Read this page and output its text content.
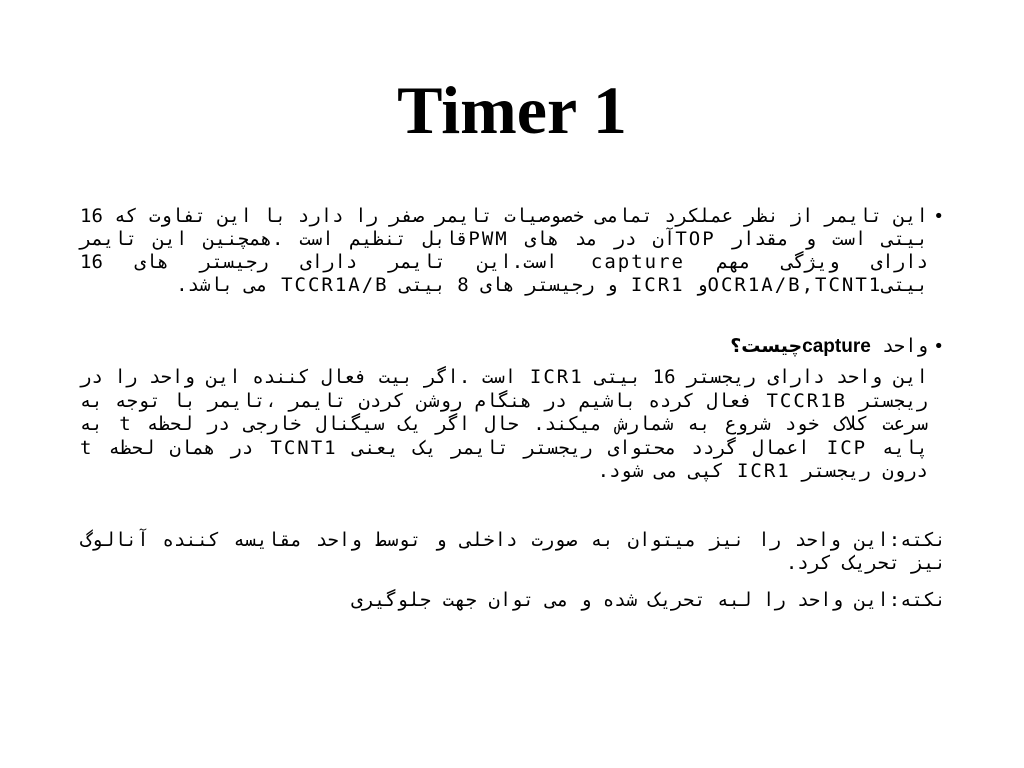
Timer 1
•
این تایمر از نظر عملکرد تمامی خصوصیات تایمر صفر را دارد با این تفاوت که 16 بیتی است و مقدار TOPآن در مد های PWMقابل تنظیم است .همچنین این تایمر دارای ویژگی مهم capture است.این تایمر دارای رجیستر های 16 بیتیOCR1A/B,TCNT1و ICR1 و رجیستر های 8 بیتی TCCR1A/B می باشد.
•
واحد captureچیست؟
این واحد دارای ریجستر 16 بیتی ICR1 است .اگر بیت فعال کننده این واحد را در ریجستر TCCR1B فعال کرده باشیم در هنگام روشن کردن تایمر ،تایمر با توجه به سرعت کلاک خود شروع به شمارش میکند. حال اگر یک سیگنال خارجی در لحظه t به پایه ICP اعمال گردد محتوای ریجستر تایمر یک یعنی TCNT1 در همان لحظه t درون ریجستر ICR1 کپی می شود.
نکته:این واحد را نیز میتوان به صورت داخلی و توسط واحد مقایسه کننده آنالوگ نیز تحریک کرد.
نکته:این واحد را لبه تحریک شده و می توان جهت جلوگیری
